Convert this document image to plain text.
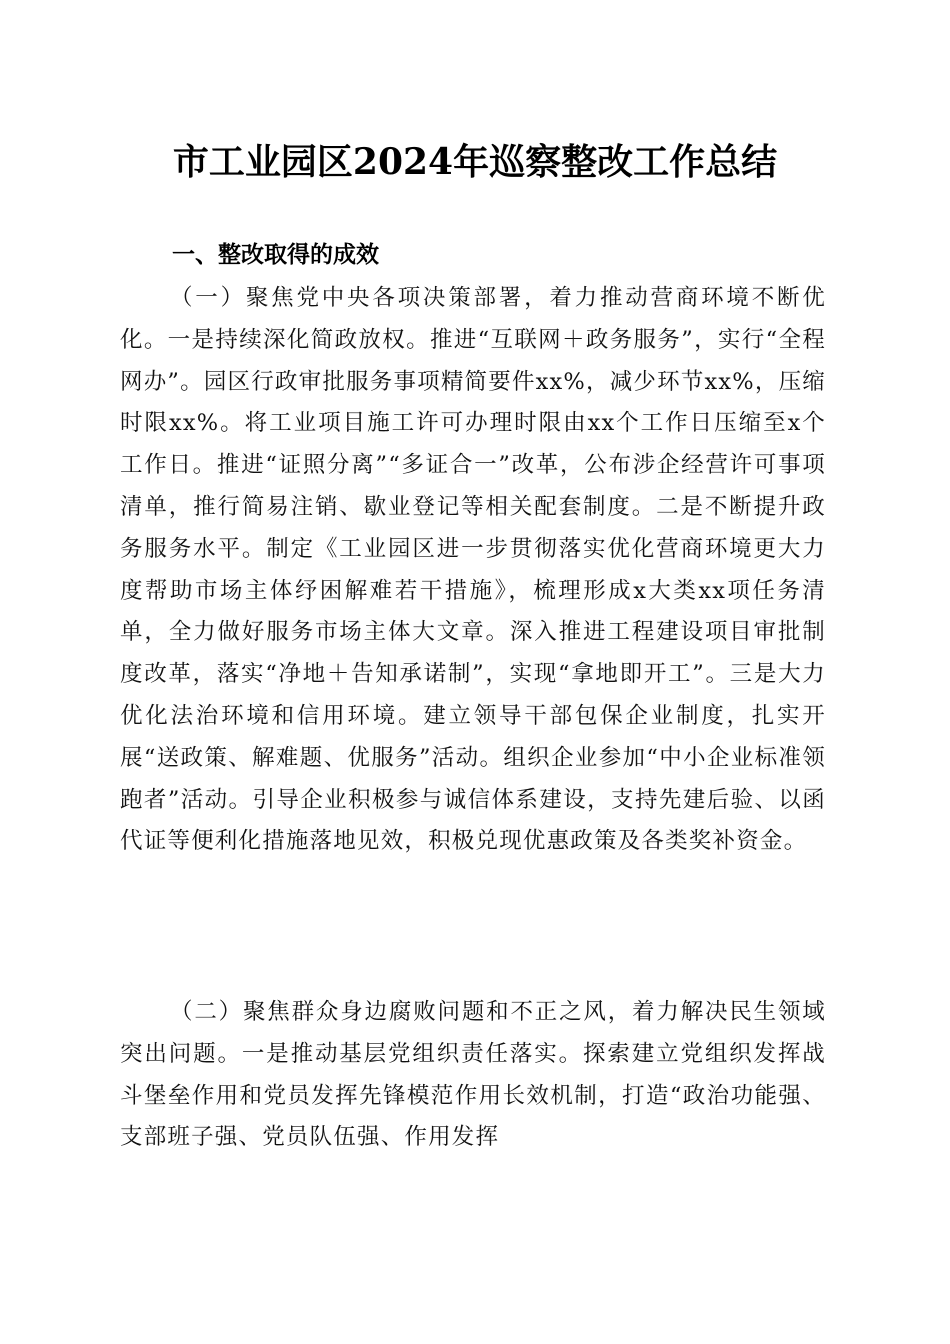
市工业园区2024年巡察整改工作总结
一、整改取得的成效

（一）聚焦党中央各项决策部署，着力推动营商环境不断优化。一是持续深化简政放权。推进“互联网＋政务服务”，实行“全程网办”。园区行政审批服务事项精简要件xx%，减少环节xx%，压缩时限xx%。将工业项目施工许可办理时限由xx个工作日压缩至x个工作日。推进“证照分离”“多证合一”改革，公布涉企经营许可事项清单，推行简易注销、歇业登记等相关配套制度。二是不断提升政务服务水平。制定《工业园区进一步贯彻落实优化营商环境更大力度帮助市场主体纾困解难若干措施》，梳理形成x大类xx项任务清单，全力做好服务市场主体大文章。深入推进工程建设项目审批制度改革，落实“净地＋告知承诺制”，实现“拿地即开工”。三是大力优化法治环境和信用环境。建立领导干部包保企业制度，扎实开展“送政策、解难题、优服务”活动。组织企业参加“中小企业标准领跑者”活动。引导企业积极参与诚信体系建设，支持先建后验、以函代证等便利化措施落地见效，积极兑现优惠政策及各类奖补资金。

（二）聚焦群众身边腐败问题和不正之风，着力解决民生领域突出问题。一是推动基层党组织责任落实。探索建立党组织发挥战斗堡垒作用和党员发挥先锋模范作用长效机制，打造“政治功能强、支部班子强、党员队伍强、作用发挥
